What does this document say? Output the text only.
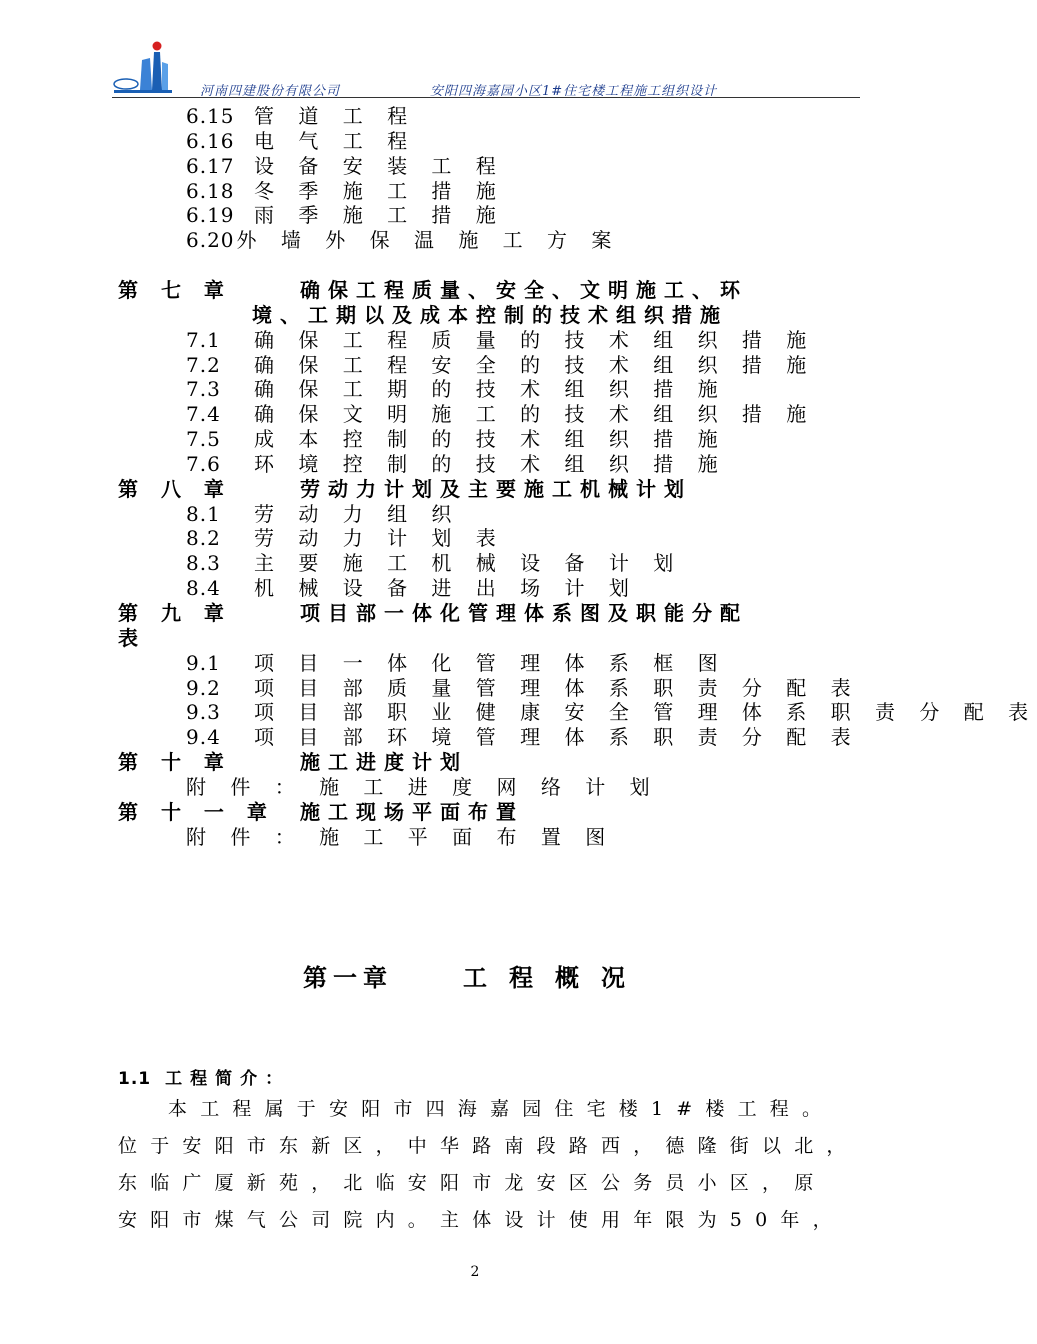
河南四建股份有限公司	安阳四海嘉园小区1#住宅楼工程施工组织设计
6.15 管 道 工 程
6.16 电 气 工 程
6.17 设 备 安 装 工 程
6.18 冬 季 施 工 措 施
6.19 雨 季 施 工 措 施
6.20 外 墙 外 保 温 施 工 方 案
第 七 章	确保工程质量、安全、文明施工、环
境、工期以及成本控制的技术组织措施
7.1 确 保 工 程 质 量 的 技 术 组 织 措 施
7.2 确 保 工 程 安 全 的 技 术 组 织 措 施
7.3 确 保 工 期 的 技 术 组 织 措 施
7.4 确 保 文 明 施 工 的 技 术 组 织 措 施
7.5 成 本 控 制 的 技 术 组 织 措 施
7.6 环 境 控 制 的 技 术 组 织 措 施
第 八 章	劳动力计划及主要施工机械计划
8.1 劳 动 力 组 织
8.2 劳 动 力 计 划 表
8.3 主 要 施 工 机 械 设 备 计 划
8.4 机 械 设 备 进 出 场 计 划
第 九 章	项目部一体化管理体系图及职能分配
表
9.1 项 目 一 体 化 管 理 体 系 框 图
9.2 项 目 部 质 量 管 理 体 系 职 责 分 配 表
9.3 项 目 部 职 业 健 康 安 全 管 理 体 系 职 责 分 配 表
9.4 项 目 部 环 境 管 理 体 系 职 责 分 配 表
第 十 章	施工进度计划
附 件 ： 施 工 进 度 网 络 计 划
第 十 一 章 施工现场平面布置
附 件 ： 施 工 平 面 布 置 图
第一章	工程概况
1.1 工程简介：
本工程属于安阳市四海嘉园住宅楼1#楼工程。
位于安阳市东新区，中华路南段路西，德隆街以北，
东临广厦新苑，北临安阳市龙安区公务员小区，原
安阳市煤气公司院内。主体设计使用年限为50年，
2
